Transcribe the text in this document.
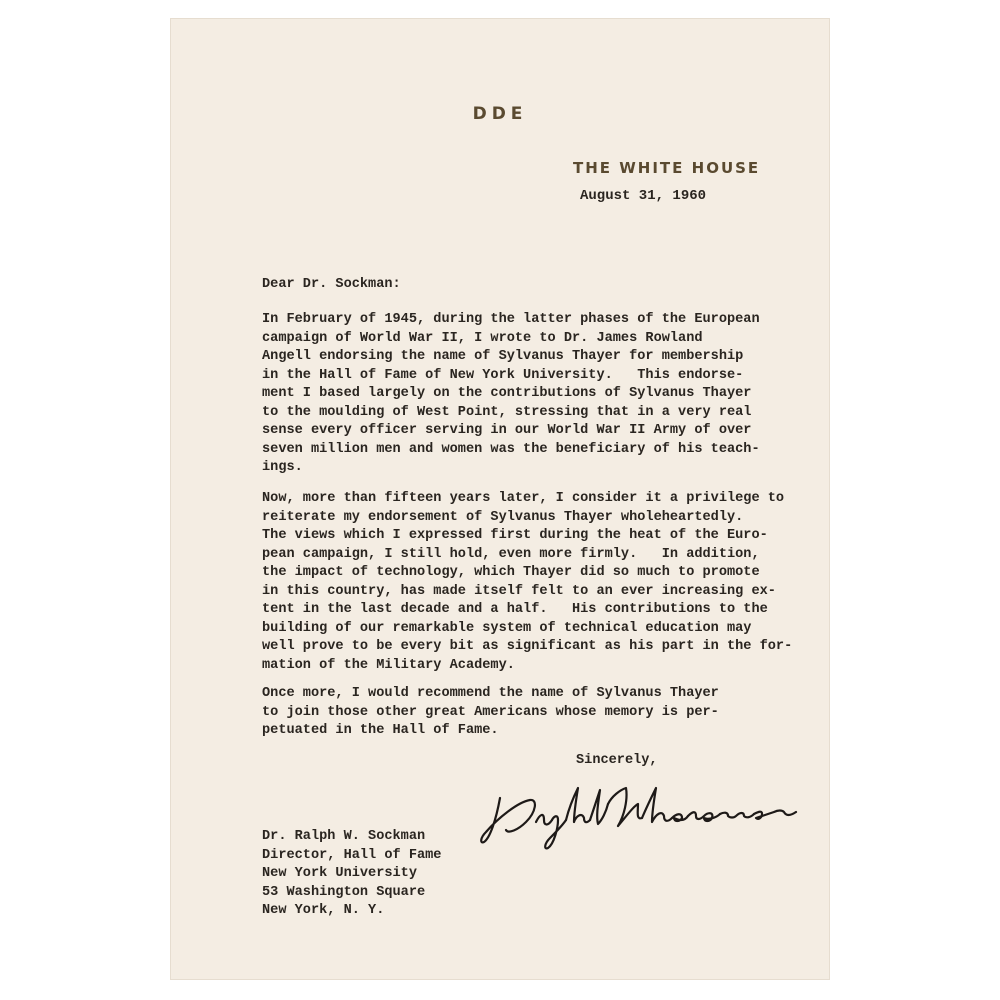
DDE
THE WHITE HOUSE
August 31, 1960
Dear Dr. Sockman:
In February of 1945, during the latter phases of the European
campaign of World War II, I wrote to Dr. James Rowland
Angell endorsing the name of Sylvanus Thayer for membership
in the Hall of Fame of New York University.   This endorse-
ment I based largely on the contributions of Sylvanus Thayer
to the moulding of West Point, stressing that in a very real
sense every officer serving in our World War II Army of over
seven million men and women was the beneficiary of his teach-
ings.
Now, more than fifteen years later, I consider it a privilege to
reiterate my endorsement of Sylvanus Thayer wholeheartedly.
The views which I expressed first during the heat of the Euro-
pean campaign, I still hold, even more firmly.   In addition,
the impact of technology, which Thayer did so much to promote
in this country, has made itself felt to an ever increasing ex-
tent in the last decade and a half.   His contributions to the
building of our remarkable system of technical education may
well prove to be every bit as significant as his part in the for-
mation of the Military Academy.
Once more, I would recommend the name of Sylvanus Thayer
to join those other great Americans whose memory is per-
petuated in the Hall of Fame.
Sincerely,
Dr. Ralph W. Sockman
Director, Hall of Fame
New York University
53 Washington Square
New York, N. Y.
